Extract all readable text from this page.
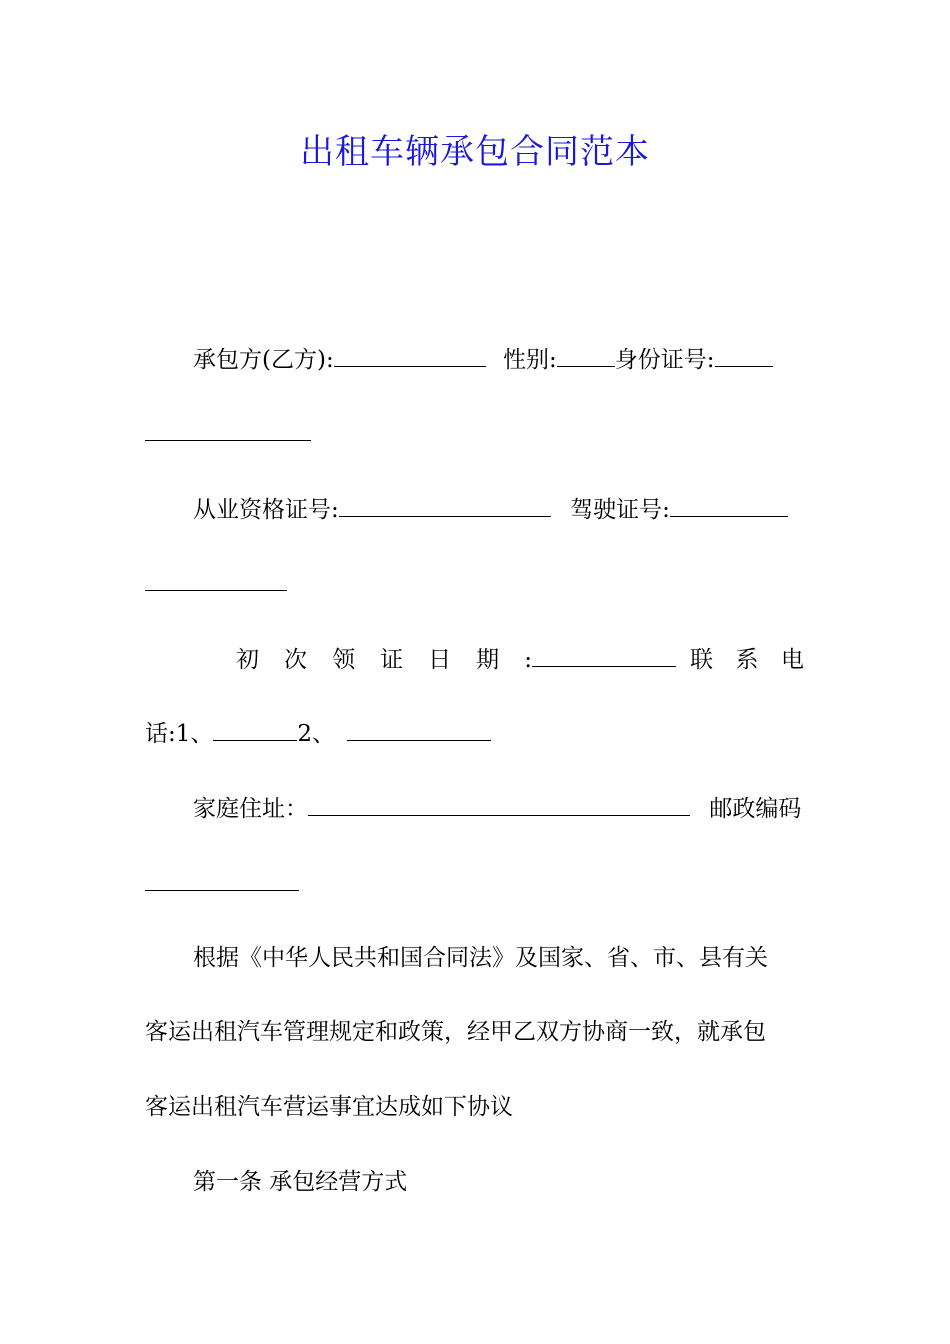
出租车辆承包合同范本
承包方(乙方):	性别:	身份证号:
从业资格证号:	驾驶证号:
初 次 领 证 日 期 :	联 系 电
话:1、	2、
家庭住址：	邮政编码
根据《中华人民共和国合同法》及国家、省、市、县有关
客运出租汽车管理规定和政策，经甲乙双方协商一致，就承包
客运出租汽车营运事宜达成如下协议
第一条 承包经营方式
